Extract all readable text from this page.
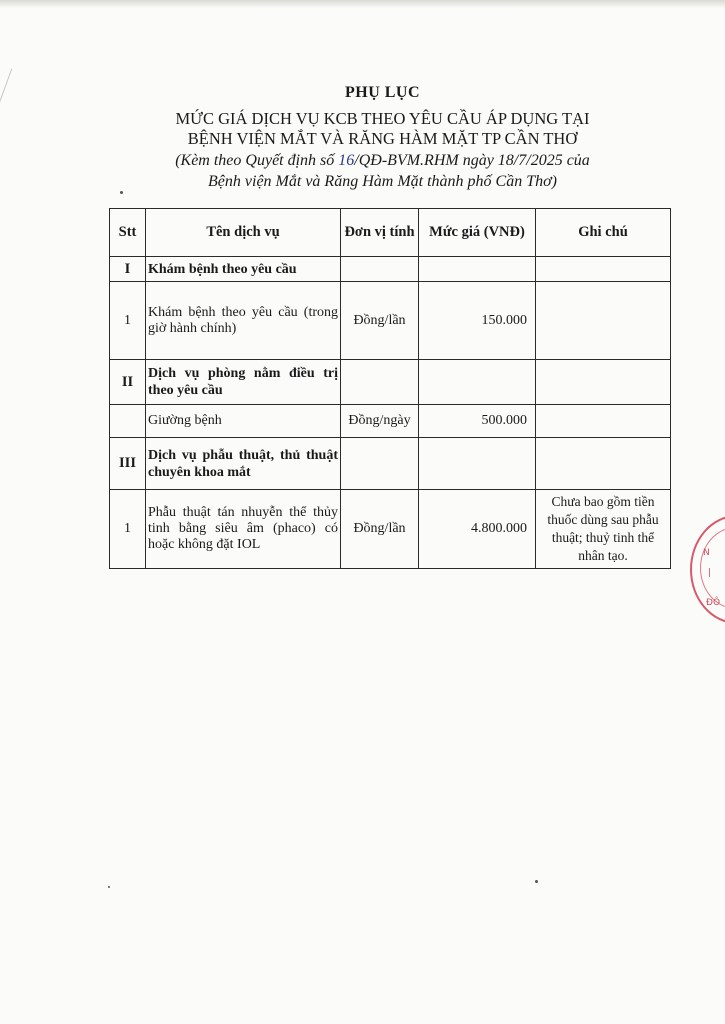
PHỤ LỤC
MỨC GIÁ DỊCH VỤ KCB THEO YÊU CẦU ÁP DỤNG TẠI
BỆNH VIỆN MẮT VÀ RĂNG HÀM MẶT TP CẦN THƠ
(Kèm theo Quyết định số 16/QĐ-BVM.RHM ngày 18/7/2025 của
Bệnh viện Mắt và Răng Hàm Mặt thành phố Cần Thơ)
Stt	Tên dịch vụ	Đơn vị tính	Mức giá (VNĐ)	Ghi chú
I	Khám bệnh theo yêu cầu			
1	Khám bệnh theo yêu cầu (trong giờ hành chính)	Đồng/lần	150.000	
II	Dịch vụ phòng nằm điều trị theo yêu cầu			
	Giường bệnh	Đồng/ngày	500.000	
III	Dịch vụ phẫu thuật, thủ thuật chuyên khoa mắt			
1	Phẫu thuật tán nhuyễn thể thủy tinh bằng siêu âm (phaco) có hoặc không đặt IOL	Đồng/lần	4.800.000	Chưa bao gồm tiền thuốc dùng sau phẫu thuật; thuỷ tinh thể nhân tạo.	N
|
ĐÔ
